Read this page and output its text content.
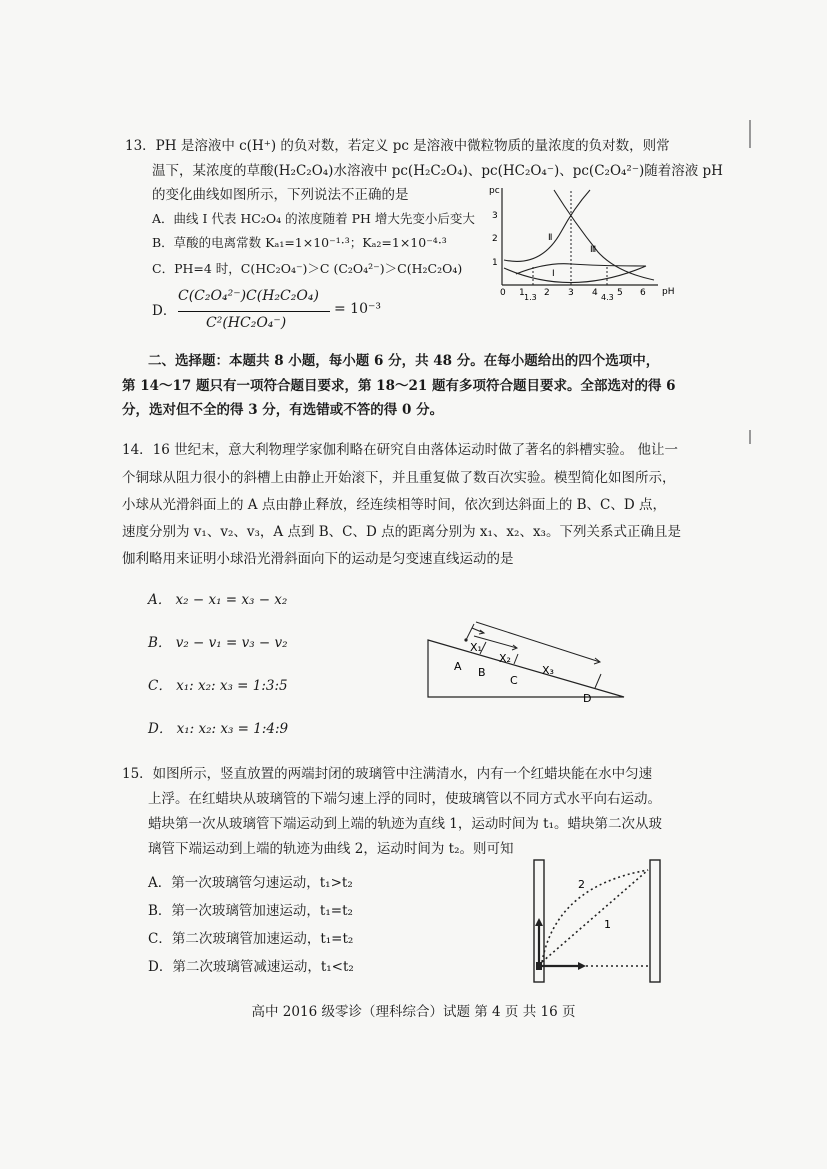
13．PH 是溶液中 c(H⁺) 的负对数，若定义 pc 是溶液中微粒物质的量浓度的负对数，则常
温下，某浓度的草酸(H₂C₂O₄)水溶液中 pc(H₂C₂O₄)、pc(HC₂O₄⁻)、pc(C₂O₄²⁻)随着溶液 pH
的变化曲线如图所示，下列说法不正确的是
A．曲线 I 代表 HC₂O₄ 的浓度随着 PH 增大先变小后变大
B．草酸的电离常数 Kₐ₁=1×10⁻¹·³；Kₐ₂=1×10⁻⁴·³
C．PH=4 时，C(HC₂O₄⁻)＞C (C₂O₄²⁻)＞C(H₂C₂O₄)
D．
C(C₂O₄²⁻)C(H₂C₂O₄)
C²(HC₂O₄⁻)
= 10⁻³
pc
pH
1
2
3
0 1 1.3 2 3 4 4.3 5 6
Ⅰ
Ⅱ
Ⅲ
二、选择题：本题共 8 小题，每小题 6 分，共 48 分。在每小题给出的四个选项中，
第 14～17 题只有一项符合题目要求，第 18～21 题有多项符合题目要求。全部选对的得 6
分，选对但不全的得 3 分，有选错或不答的得 0 分。
14．16 世纪末，意大利物理学家伽利略在研究自由落体运动时做了著名的斜槽实验。 他让一
个铜球从阻力很小的斜槽上由静止开始滚下，并且重复做了数百次实验。模型简化如图所示，
小球从光滑斜面上的 A 点由静止释放，经连续相等时间，依次到达斜面上的 B、C、D 点，
速度分别为 v₁、v₂、v₃，A 点到 B、C、D 点的距离分别为 x₁、x₂、x₃。下列关系式正确且是
伽利略用来证明小球沿光滑斜面向下的运动是匀变速直线运动的是
A． x₂ − x₁ = x₃ − x₂
B． v₂ − v₁ = v₃ − v₂
C． x₁: x₂: x₃ = 1:3:5
D． x₁: x₂: x₃ = 1:4:9
A B
C
D
X₁
X₂
X₃
15．如图所示，竖直放置的两端封闭的玻璃管中注满清水，内有一个红蜡块能在水中匀速
上浮。在红蜡块从玻璃管的下端匀速上浮的同时，使玻璃管以不同方式水平向右运动。
蜡块第一次从玻璃管下端运动到上端的轨迹为直线 1，运动时间为 t₁。蜡块第二次从玻
璃管下端运动到上端的轨迹为曲线 2，运动时间为 t₂。则可知
A．第一次玻璃管匀速运动，t₁>t₂
B．第一次玻璃管加速运动，t₁=t₂
C．第二次玻璃管加速运动，t₁=t₂
D．第二次玻璃管减速运动，t₁<t₂
2
1
高中 2016 级零诊（理科综合）试题 第 4 页 共 16 页
